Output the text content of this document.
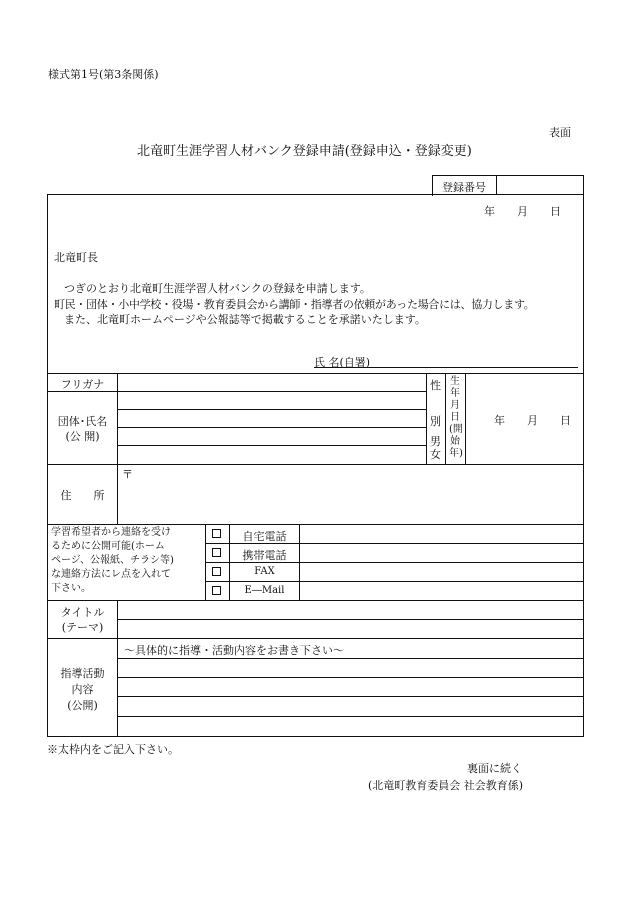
様式第1号(第3条関係)
表面
北竜町生涯学習人材バンク登録申請(登録申込・登録変更)
登録番号
年　　月　　日
北竜町長
つぎのとおり北竜町生涯学習人材バンクの登録を申請します。
町民・団体・小中学校・役場・教育委員会から講師・指導者の依頼があった場合には、協力します。
また、北竜町ホームページや公報誌等で掲載することを承諾いたします。
氏 名(自署)
フリガナ
団体･氏名
(公 開)
性
別
男
女
生年月日(開始年)
年　　月　　日
住　　所
〒
学習希望者から連絡を受け
るために公開可能(ホーム
ページ、公報紙、チラシ等)
な連絡方法にレ点を入れて
下さい。
自宅電話
携帯電話
FAX
E―Mail
タイトル
(テーマ)
～具体的に指導・活動内容をお書き下さい～
指導活動
内容
(公開)
※太枠内をご記入下さい。
裏面に続く
(北竜町教育委員会 社会教育係)
